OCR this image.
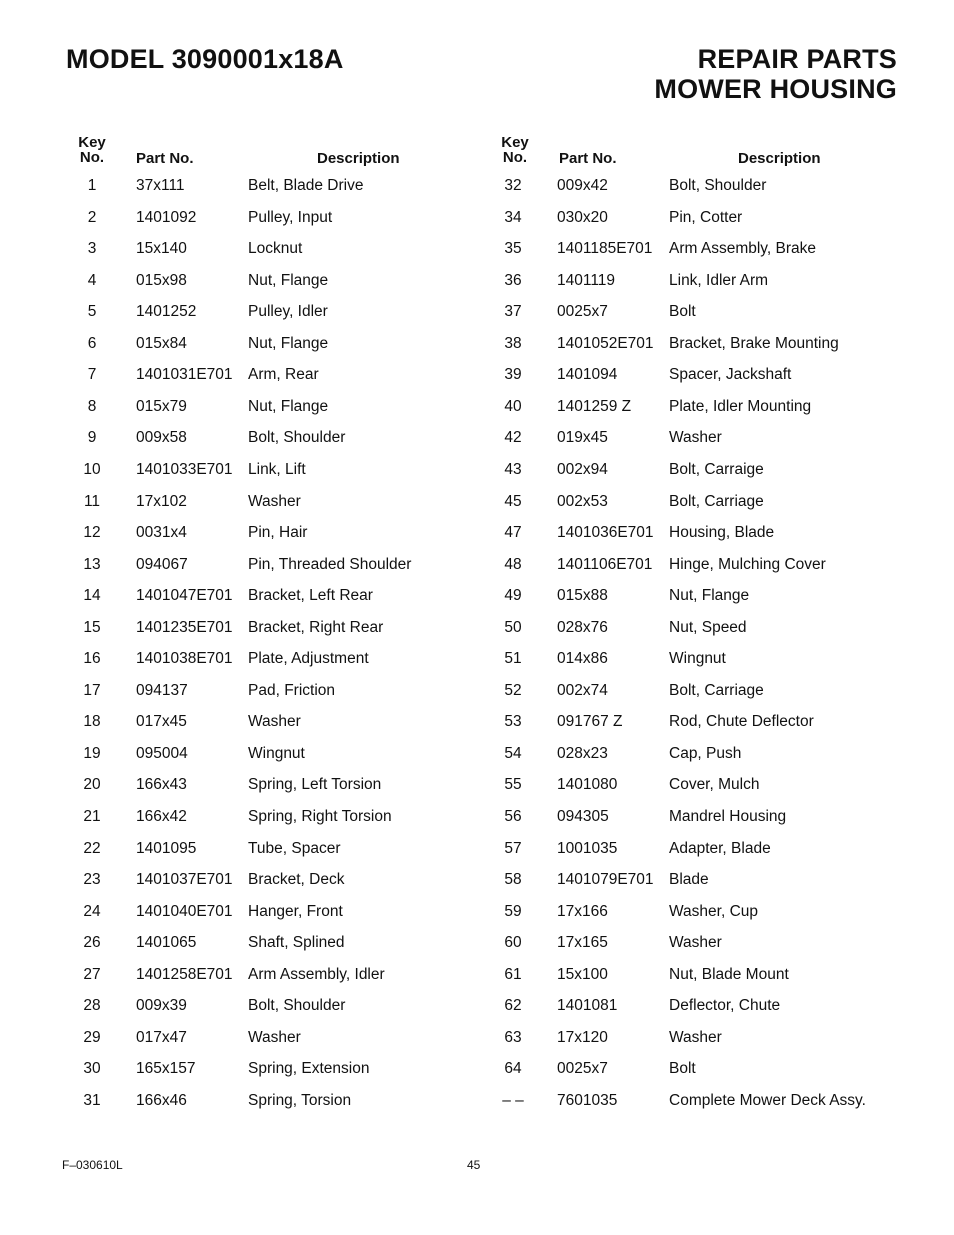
MODEL 3090001x18A	REPAIR PARTS
MOWER HOUSING
Key
No.	Part No.	Description
Key
No.	Part No.	Description
1	37x111	Belt, Blade Drive
2	1401092	Pulley, Input
3	15x140	Locknut
4	015x98	Nut, Flange
5	1401252	Pulley, Idler
6	015x84	Nut, Flange
7	1401031E701 Arm, Rear
8	015x79	Nut, Flange
9	009x58	Bolt, Shoulder
10	1401033E701 Link, Lift
11	17x102	Washer
12	0031x4	Pin, Hair
13	094067	Pin, Threaded Shoulder
14	1401047E701 Bracket, Left Rear
15	1401235E701 Bracket, Right Rear
16	1401038E701 Plate, Adjustment
17	094137	Pad, Friction
18	017x45	Washer
19	095004	Wingnut
20	166x43	Spring, Left Torsion
21	166x42	Spring, Right Torsion
22	1401095	Tube, Spacer
23	1401037E701 Bracket, Deck
24	1401040E701 Hanger, Front
26	1401065	Shaft, Splined
27	1401258E701 Arm Assembly, Idler
28	009x39	Bolt, Shoulder
29	017x47	Washer
30	165x157	Spring, Extension
31	166x46	Spring, Torsion
32	009x42	Bolt, Shoulder
34	030x20	Pin, Cotter
35	1401185E701 Arm Assembly, Brake
36	1401119	Link, Idler Arm
37	0025x7	Bolt
38	1401052E701 Bracket, Brake Mounting
39	1401094	Spacer, Jackshaft
40	1401259 Z Plate, Idler Mounting
42	019x45	Washer
43	002x94	Bolt, Carraige
45	002x53	Bolt, Carriage
47	1401036E701 Housing, Blade
48	1401106E701 Hinge, Mulching Cover
49	015x88	Nut, Flange
50	028x76	Nut, Speed
51	014x86	Wingnut
52	002x74	Bolt, Carriage
53	091767 Z	Rod, Chute Deflector
54	028x23	Cap, Push
55	1401080	Cover, Mulch
56	094305	Mandrel Housing
57	1001035	Adapter, Blade
58	1401079E701 Blade
59	17x166	Washer, Cup
60	17x165	Washer
61	15x100	Nut, Blade Mount
62	1401081	Deflector, Chute
63	17x120	Washer
64	0025x7	Bolt
– –	7601035	Complete Mower Deck Assy.
F–030610L	45
